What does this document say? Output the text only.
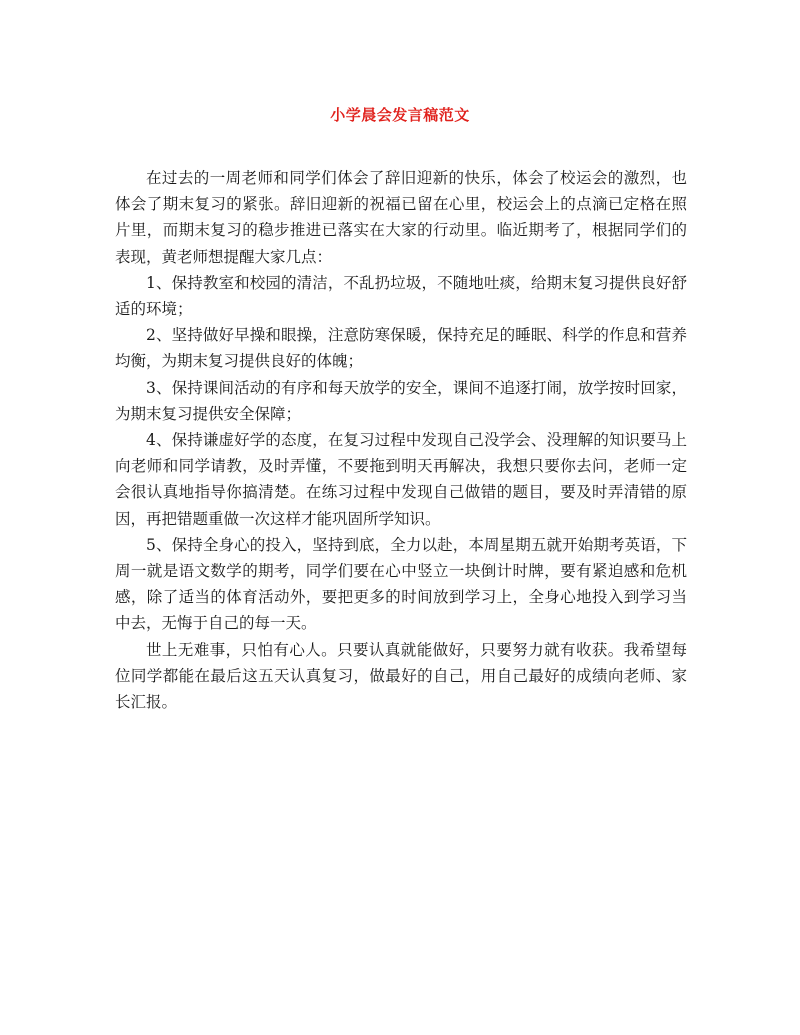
小学晨会发言稿范文

在过去的一周老师和同学们体会了辞旧迎新的快乐，体会了校运会的激烈，也体会了期末复习的紧张。辞旧迎新的祝福已留在心里，校运会上的点滴已定格在照片里，而期末复习的稳步推进已落实在大家的行动里。临近期考了，根据同学们的表现，黄老师想提醒大家几点：

1、保持教室和校园的清洁，不乱扔垃圾，不随地吐痰，给期末复习提供良好舒适的环境；

2、坚持做好早操和眼操，注意防寒保暖，保持充足的睡眠、科学的作息和营养均衡，为期末复习提供良好的体魄；

3、保持课间活动的有序和每天放学的安全，课间不追逐打闹，放学按时回家，为期末复习提供安全保障；

4、保持谦虚好学的态度，在复习过程中发现自己没学会、没理解的知识要马上向老师和同学请教，及时弄懂，不要拖到明天再解决，我想只要你去问，老师一定会很认真地指导你搞清楚。在练习过程中发现自己做错的题目，要及时弄清错的原因，再把错题重做一次这样才能巩固所学知识。

5、保持全身心的投入，坚持到底，全力以赴，本周星期五就开始期考英语，下周一就是语文数学的期考，同学们要在心中竖立一块倒计时牌，要有紧迫感和危机感，除了适当的体育活动外，要把更多的时间放到学习上，全身心地投入到学习当中去，无悔于自己的每一天。

世上无难事，只怕有心人。只要认真就能做好，只要努力就有收获。我希望每位同学都能在最后这五天认真复习，做最好的自己，用自己最好的成绩向老师、家长汇报。
